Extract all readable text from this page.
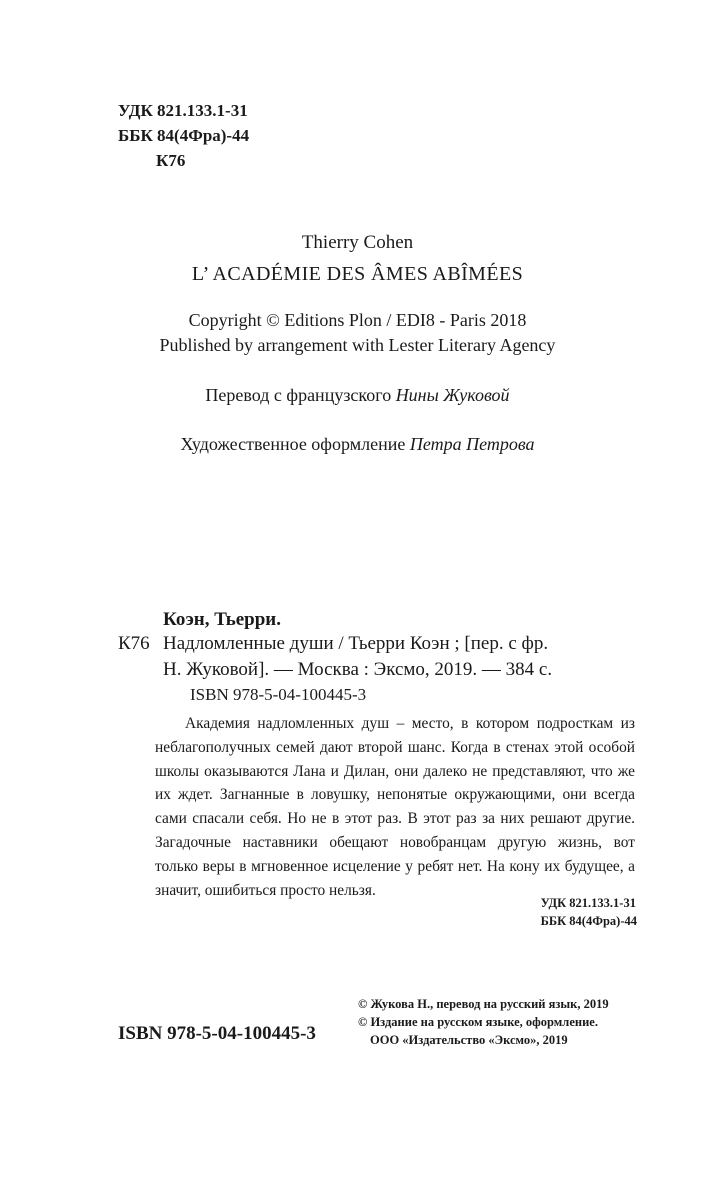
УДК 821.133.1-31
ББК 84(4Фра)-44
К76
Thierry Cohen
L’ ACADÉMIE DES ÂMES ABÎMÉES
Copyright © Editions Plon / EDI8 - Paris 2018
Published by arrangement with Lester Literary Agency
Перевод с французского Нины Жуковой
Художественное оформление Петра Петрова
Коэн, Тьерри.
К76 Надломленные души / Тьерри Коэн ; [пер. с фр.
Н. Жуковой]. — Москва : Эксмо, 2019. — 384 с.
ISBN 978-5-04-100445-3

Академия надломленных душ – место, в котором подросткам из неблагополучных семей дают второй шанс. Когда в стенах этой особой школы оказываются Лана и Дилан, они далеко не представляют, что же их ждет. Загнанные в ловушку, непонятые окружающими, они всегда сами спасали себя. Но не в этот раз. В этот раз за них решают другие. Загадочные наставники обещают новобранцам другую жизнь, вот только веры в мгновенное исцеление у ребят нет. На кону их будущее, а значит, ошибиться просто нельзя.

УДК 821.133.1-31
ББК 84(4Фра)-44
ISBN 978-5-04-100445-3
© Жукова Н., перевод на русский язык, 2019
© Издание на русском языке, оформление.
ООО «Издательство «Эксмо», 2019
